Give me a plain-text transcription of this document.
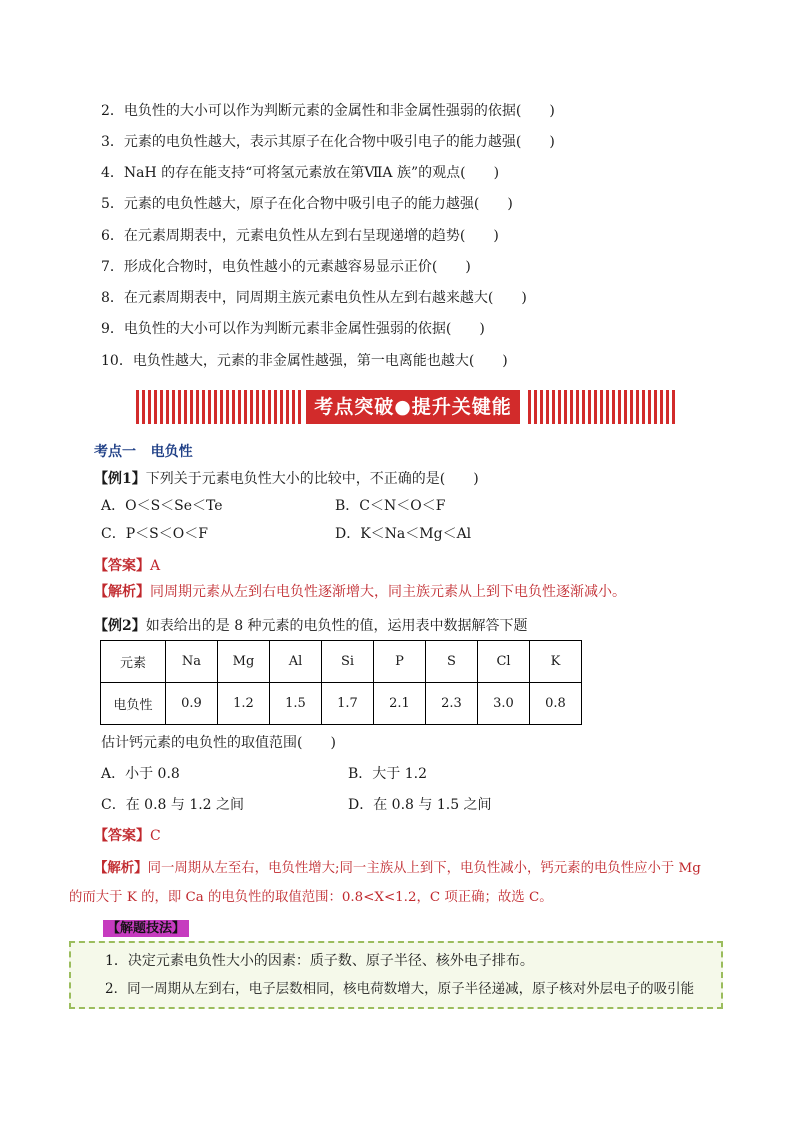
2．电负性的大小可以作为判断元素的金属性和非金属性强弱的依据(　　)
3．元素的电负性越大，表示其原子在化合物中吸引电子的能力越强(　　)
4．NaH 的存在能支持“可将氢元素放在第ⅦA 族”的观点(　　)
5．元素的电负性越大，原子在化合物中吸引电子的能力越强(　　)
6．在元素周期表中，元素电负性从左到右呈现递增的趋势(　　)
7．形成化合物时，电负性越小的元素越容易显示正价(　　)
8．在元素周期表中，同周期主族元素电负性从左到右越来越大(　　)
9．电负性的大小可以作为判断元素非金属性强弱的依据(　　)
10．电负性越大，元素的非金属性越强，第一电离能也越大(　　)
考点突破●提升关键能力
考点一 电负性
【例1】下列关于元素电负性大小的比较中，不正确的是(　　)
A．O＜S＜Se＜Te	B．C＜N＜O＜F
C．P＜S＜O＜F	D．K＜Na＜Mg＜Al
【答案】A
【解析】同周期元素从左到右电负性逐渐增大，同主族元素从上到下电负性逐渐减小。
【例2】如表给出的是 8 种元素的电负性的值，运用表中数据解答下题
元素	Na	Mg	Al	Si	P	S	Cl	K
电负性	0.9	1.2	1.5	1.7	2.1	2.3	3.0	0.8
估计钙元素的电负性的取值范围(　　)
A．小于 0.8	B．大于 1.2
C．在 0.8 与 1.2 之间	D．在 0.8 与 1.5 之间
【答案】C
【解析】同一周期从左至右，电负性增大;同一主族从上到下，电负性减小，钙元素的电负性应小于 Mg
的而大于 K 的，即 Ca 的电负性的取值范围：0.8<X<1.2，C 项正确；故选 C。
【解题技法】
1．决定元素电负性大小的因素：质子数、原子半径、核外电子排布。
2．同一周期从左到右，电子层数相同，核电荷数增大，原子半径递减，原子核对外层电子的吸引能
